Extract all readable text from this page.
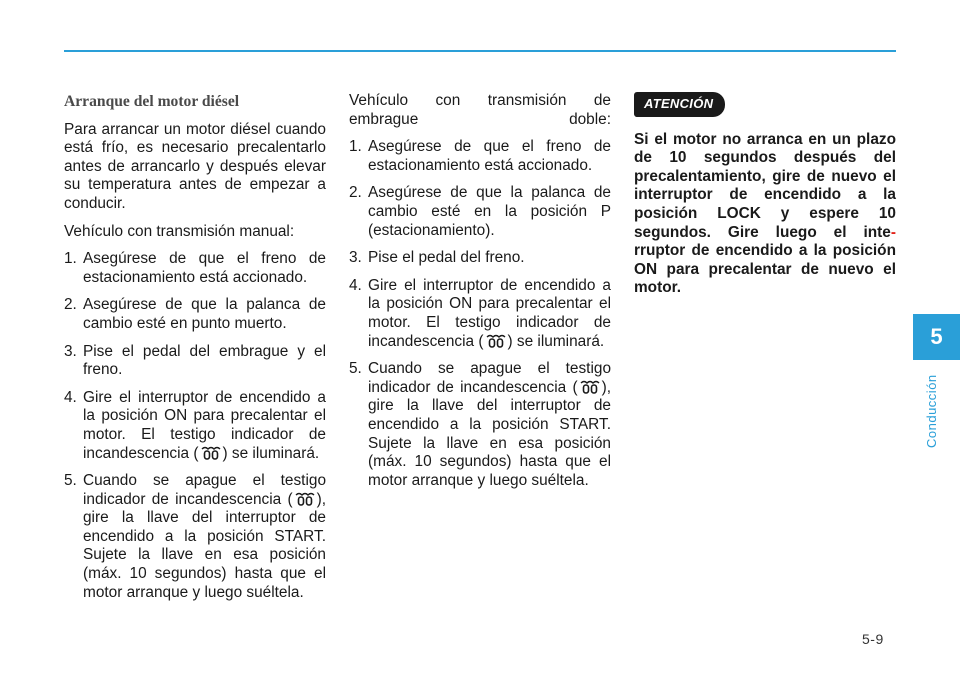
Arranque del motor diésel

Para arrancar un motor diésel cuando está frío, es necesario precalentarlo antes de arrancarlo y después elevar su temperatura antes de empezar a conducir.

Vehículo con transmisión manual:

1. Asegúrese de que el freno de estacionamiento está accionado.
2. Asegúrese de que la palanca de cambio esté en punto muerto.
3. Pise el pedal del embrague y el freno.
4. Gire el interruptor de encendido a la posición ON para precalentar el motor. El testigo indicador de incandescencia ( ) se iluminará.
5. Cuando se apague el testigo indicador de incandescencia ( ), gire la llave del interruptor de encendido a la posición START. Sujete la llave en esa posición (máx. 10 segundos) hasta que el motor arranque y luego suéltela.

Vehículo con transmisión de embrague doble:

1. Asegúrese de que el freno de estacionamiento está accionado.
2. Asegúrese de que la palanca de cambio esté en la posición P (estacionamiento).
3. Pise el pedal del freno.
4. Gire el interruptor de encendido a la posición ON para precalentar el motor. El testigo indicador de incandescencia ( ) se iluminará.
5. Cuando se apague el testigo indicador de incandescencia ( ), gire la llave del interruptor de encendido a la posición START. Sujete la llave en esa posición (máx. 10 segundos) hasta que el motor arranque y luego suéltela.
ATENCIÓN

Si el motor no arranca en un plazo de 10 segundos después del precalentamiento, gire de nuevo el interruptor de encendido a la posición LOCK y espere 10 segundos. Gire luego el inte-rruptor de encendido a la posición ON para precalentar de nuevo el motor.

5
Conducción
5-9
